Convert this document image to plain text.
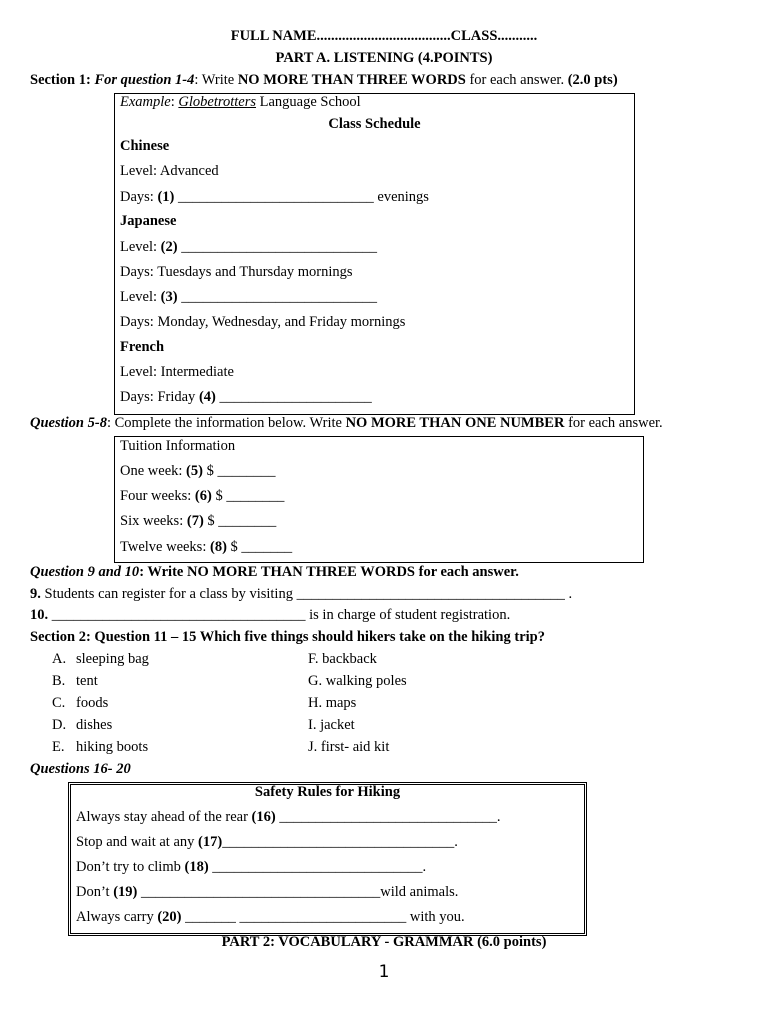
FULL NAME.....................................CLASS...........
PART A. LISTENING (4.POINTS)
Section 1: For question 1-4: Write NO MORE THAN THREE WORDS for each answer. (2.0 pts)
Example: Globetrotters Language School
Class Schedule
Chinese
Level: Advanced
Days: (1) ___________________________ evenings
Japanese
Level: (2) ___________________________
Days: Tuesdays and Thursday mornings
Level: (3) ___________________________
Days: Monday, Wednesday, and Friday mornings
French
Level: Intermediate
Days: Friday (4) _____________________
Question 5-8: Complete the information below. Write NO MORE THAN ONE NUMBER for each answer.
Tuition Information
One week: (5) $ ________
Four weeks: (6) $ ________
Six weeks: (7) $ ________
Twelve weeks: (8) $ _______
Question 9 and 10: Write NO MORE THAN THREE WORDS for each answer.
9. Students can register for a class by visiting _____________________________________ .
10. ___________________________________ is in charge of student registration.
Section 2: Question 11 – 15 Which five things should hikers take on the hiking trip?
A. sleeping bag
B. tent
C. foods
D. dishes
E. hiking boots
F. backback
G. walking poles
H. maps
I. jacket
J. first- aid kit
Questions 16- 20
Safety Rules for Hiking
Always stay ahead of the rear (16) ______________________________.
Stop and wait at any (17)________________________________.
Don’t try to climb (18) _____________________________.
Don’t (19) _________________________________wild animals.
Always carry (20) _______ _______________________ with you.
PART 2: VOCABULARY - GRAMMAR (6.0 points)
1
